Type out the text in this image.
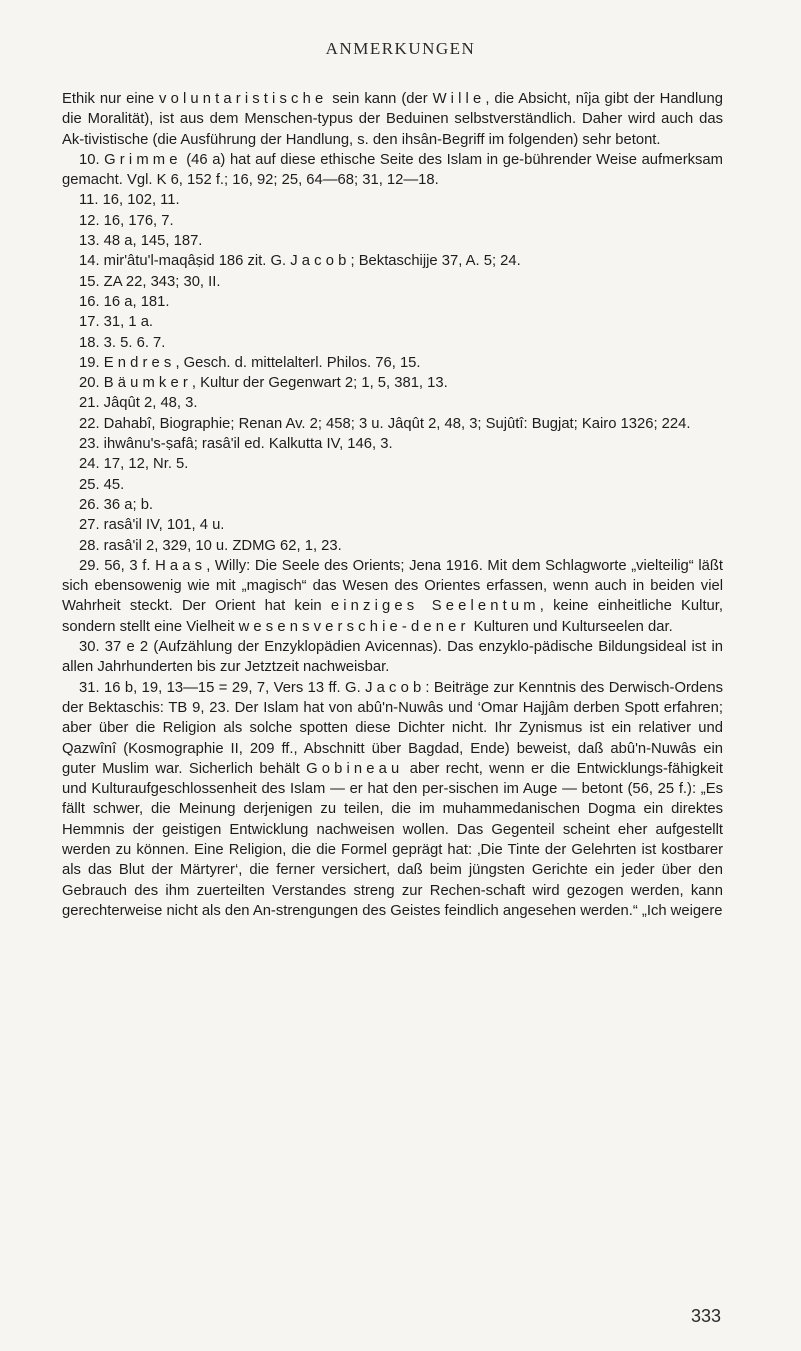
ANMERKUNGEN

Ethik nur eine voluntaristische sein kann (der Wille, die Absicht, nîja gibt der Handlung die Moralität), ist aus dem Menschen-typus der Beduinen selbstverständlich. Daher wird auch das Ak-tivistische (die Ausführung der Handlung, s. den ihsân-Begriff im folgenden) sehr betont.

10. Grimme (46 a) hat auf diese ethische Seite des Islam in ge-bührender Weise aufmerksam gemacht. Vgl. K 6, 152 f.; 16, 92; 25, 64—68; 31, 12—18.

11. 16, 102, 11.

12. 16, 176, 7.

13. 48 a, 145, 187.

14. mir'âtu'l-maqâṣid 186 zit. G. Jacob; Bektaschijje 37, A. 5; 24.

15. ZA 22, 343; 30, II.

16. 16 a, 181.

17. 31, 1 a.

18. 3. 5. 6. 7.

19. Endres, Gesch. d. mittelalterl. Philos. 76, 15.

20. Bäumker, Kultur der Gegenwart 2; 1, 5, 381, 13.

21. Jâqût 2, 48, 3.

22. Dahabî, Biographie; Renan Av. 2; 458; 3 u. Jâqût 2, 48, 3; Sujûtî: Bugjat; Kairo 1326; 224.

23. ihwânu's-ṣafâ; rasâ'il ed. Kalkutta IV, 146, 3.

24. 17, 12, Nr. 5.

25. 45.

26. 36 a; b.

27. rasâ'il IV, 101, 4 u.

28. rasâ'il 2, 329, 10 u. ZDMG 62, 1, 23.

29. 56, 3 f. Haas, Willy: Die Seele des Orients; Jena 1916. Mit dem Schlagworte „vielteilig“ läßt sich ebensowenig wie mit „magisch“ das Wesen des Orientes erfassen, wenn auch in beiden viel Wahrheit steckt. Der Orient hat kein einziges Seelentum, keine einheitliche Kultur, sondern stellt eine Vielheit wesensverschie-dener Kulturen und Kulturseelen dar.

30. 37 e 2 (Aufzählung der Enzyklopädien Avicennas). Das enzyklo-pädische Bildungsideal ist in allen Jahrhunderten bis zur Jetztzeit nachweisbar.

31. 16 b, 19, 13—15 = 29, 7, Vers 13 ff. G. Jacob: Beiträge zur Kenntnis des Derwisch-Ordens der Bektaschis: TB 9, 23. Der Islam hat von abû'n-Nuwâs und ‘Omar Hajjâm derben Spott erfahren; aber über die Religion als solche spotten diese Dichter nicht. Ihr Zynismus ist ein relativer und Qazwînî (Kosmographie II, 209 ff., Abschnitt über Bagdad, Ende) beweist, daß abû'n-Nuwâs ein guter Muslim war. Sicherlich behält Gobineau aber recht, wenn er die Entwicklungs-fähigkeit und Kulturaufgeschlossenheit des Islam — er hat den per-sischen im Auge — betont (56, 25 f.): „Es fällt schwer, die Meinung derjenigen zu teilen, die im muhammedanischen Dogma ein direktes Hemmnis der geistigen Entwicklung nachweisen wollen. Das Gegenteil scheint eher aufgestellt werden zu können. Eine Religion, die die Formel geprägt hat: ‚Die Tinte der Gelehrten ist kostbarer als das Blut der Märtyrer‘, die ferner versichert, daß beim jüngsten Gerichte ein jeder über den Gebrauch des ihm zuerteilten Verstandes streng zur Rechen-schaft wird gezogen werden, kann gerechterweise nicht als den An-strengungen des Geistes feindlich angesehen werden.“ „Ich weigere

333
